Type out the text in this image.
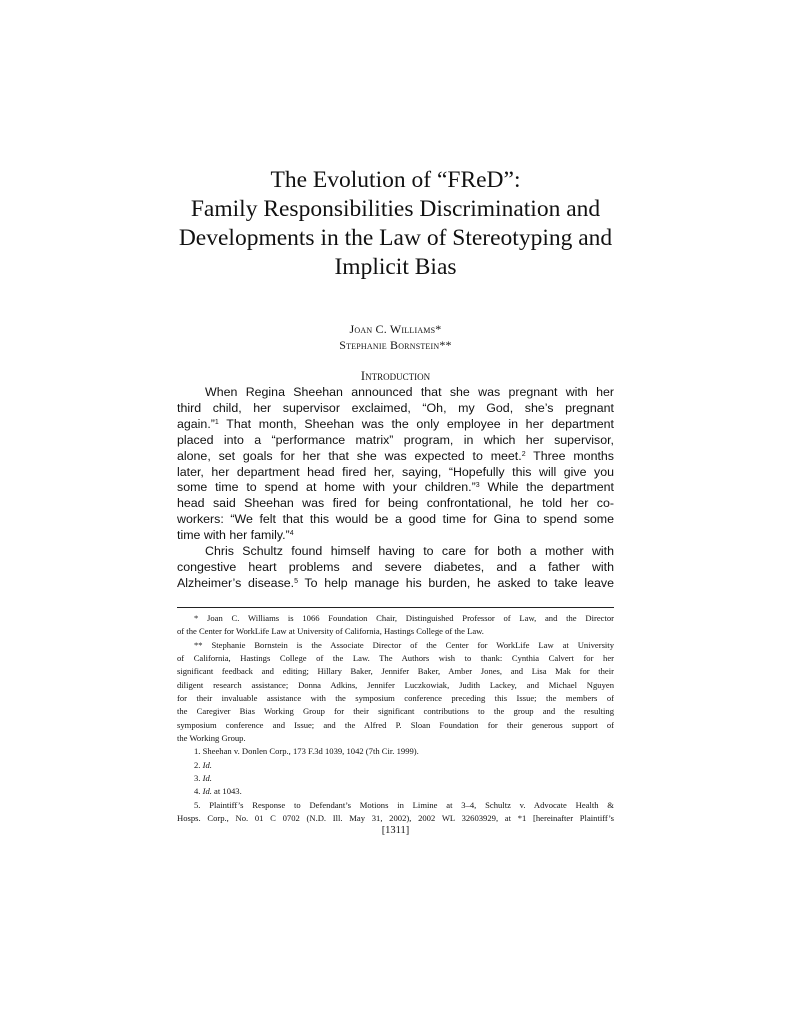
The Evolution of “FReD”:
Family Responsibilities Discrimination and
Developments in the Law of Stereotyping and
Implicit Bias
Joan C. Williams*
Stephanie Bornstein**
Introduction
When Regina Sheehan announced that she was pregnant with her
third child, her supervisor exclaimed, “Oh, my God, she’s pregnant
again.”$^1$ That month, Sheehan was the only employee in her department
placed into a “performance matrix” program, in which her supervisor,
alone, set goals for her that she was expected to meet.$^2$ Three months
later, her department head fired her, saying, “Hopefully this will give you
some time to spend at home with your children.”$^3$ While the department
head said Sheehan was fired for being confrontational, he told her co-
workers: “We felt that this would be a good time for Gina to spend some
time with her family.”$^4$
Chris Schultz found himself having to care for both a mother with
congestive heart problems and severe diabetes, and a father with
Alzheimer’s disease.$^5$ To help manage his burden, he asked to take leave
* Joan C. Williams is 1066 Foundation Chair, Distinguished Professor of Law, and the Director
of the Center for WorkLife Law at University of California, Hastings College of the Law.
** Stephanie Bornstein is the Associate Director of the Center for WorkLife Law at University
of California, Hastings College of the Law. The Authors wish to thank: Cynthia Calvert for her
significant feedback and editing; Hillary Baker, Jennifer Baker, Amber Jones, and Lisa Mak for their
diligent research assistance; Donna Adkins, Jennifer Luczkowiak, Judith Lackey, and Michael Nguyen
for their invaluable assistance with the symposium conference preceding this Issue; the members of
the Caregiver Bias Working Group for their significant contributions to the group and the resulting
symposium conference and Issue; and the Alfred P. Sloan Foundation for their generous support of
the Working Group.
1. Sheehan v. Donlen Corp., 173 F.3d 1039, 1042 (7th Cir. 1999).
2. Id.
3. Id.
4. Id. at 1043.
5. Plaintiff’s Response to Defendant’s Motions in Limine at 3–4, Schultz v. Advocate Health &
Hosps. Corp., No. 01 C 0702 (N.D. Ill. May 31, 2002), 2002 WL 32603929, at *1 [hereinafter Plaintiff’s
[1311]
